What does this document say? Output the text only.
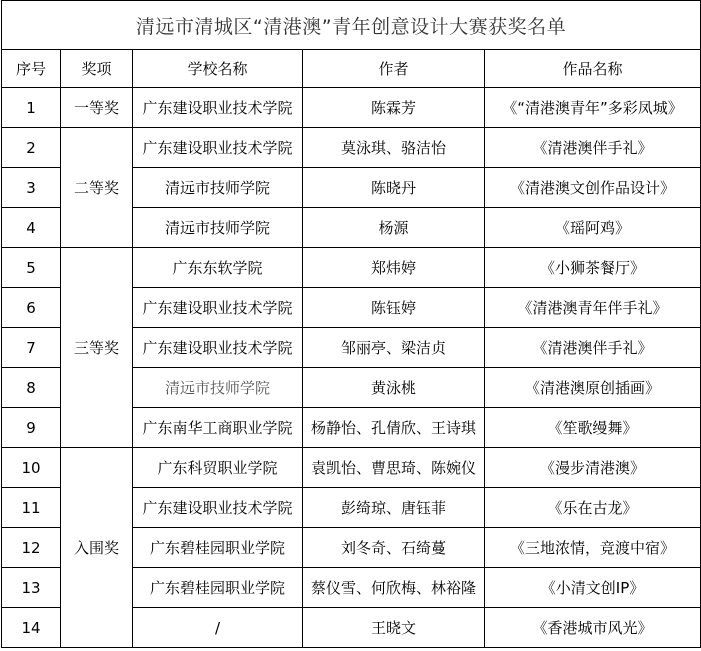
清远市清城区“清港澳”青年创意设计大赛获奖名单				
序号	奖项	学校名称	作者	作品名称
1	一等奖	广东建设职业技术学院	陈霖芳	《“清港澳青年”多彩凤城》
2	二等奖	广东建设职业技术学院	莫泳琪、骆洁怡	《清港澳伴手礼》
3		清远市技师学院	陈晓丹	《清港澳文创作品设计》
4		清远市技师学院	杨源	《瑶阿鸡》
5	三等奖	广东东软学院	郑炜婷	《小狮茶餐厅》
6		广东建设职业技术学院	陈钰婷	《清港澳青年伴手礼》
7		广东建设职业技术学院	邹丽亭、梁洁贞	《清港澳伴手礼》
8		清远市技师学院	黄泳桃	《清港澳原创插画》
9		广东南华工商职业学院	杨静怡、孔倩欣、王诗琪	《笙歌缦舞》
10	入围奖	广东科贸职业学院	袁凯怡、曹思琦、陈婉仪	《漫步清港澳》
11		广东建设职业技术学院	彭绮琼、唐钰菲	《乐在古龙》
12		广东碧桂园职业学院	刘冬奇、石绮蔓	《三地浓情，竞渡中宿》
13		广东碧桂园职业学院	蔡仪雪、何欣梅、林裕隆	《小清文创IP》
14		/	王晓文	《香港城市风光》
